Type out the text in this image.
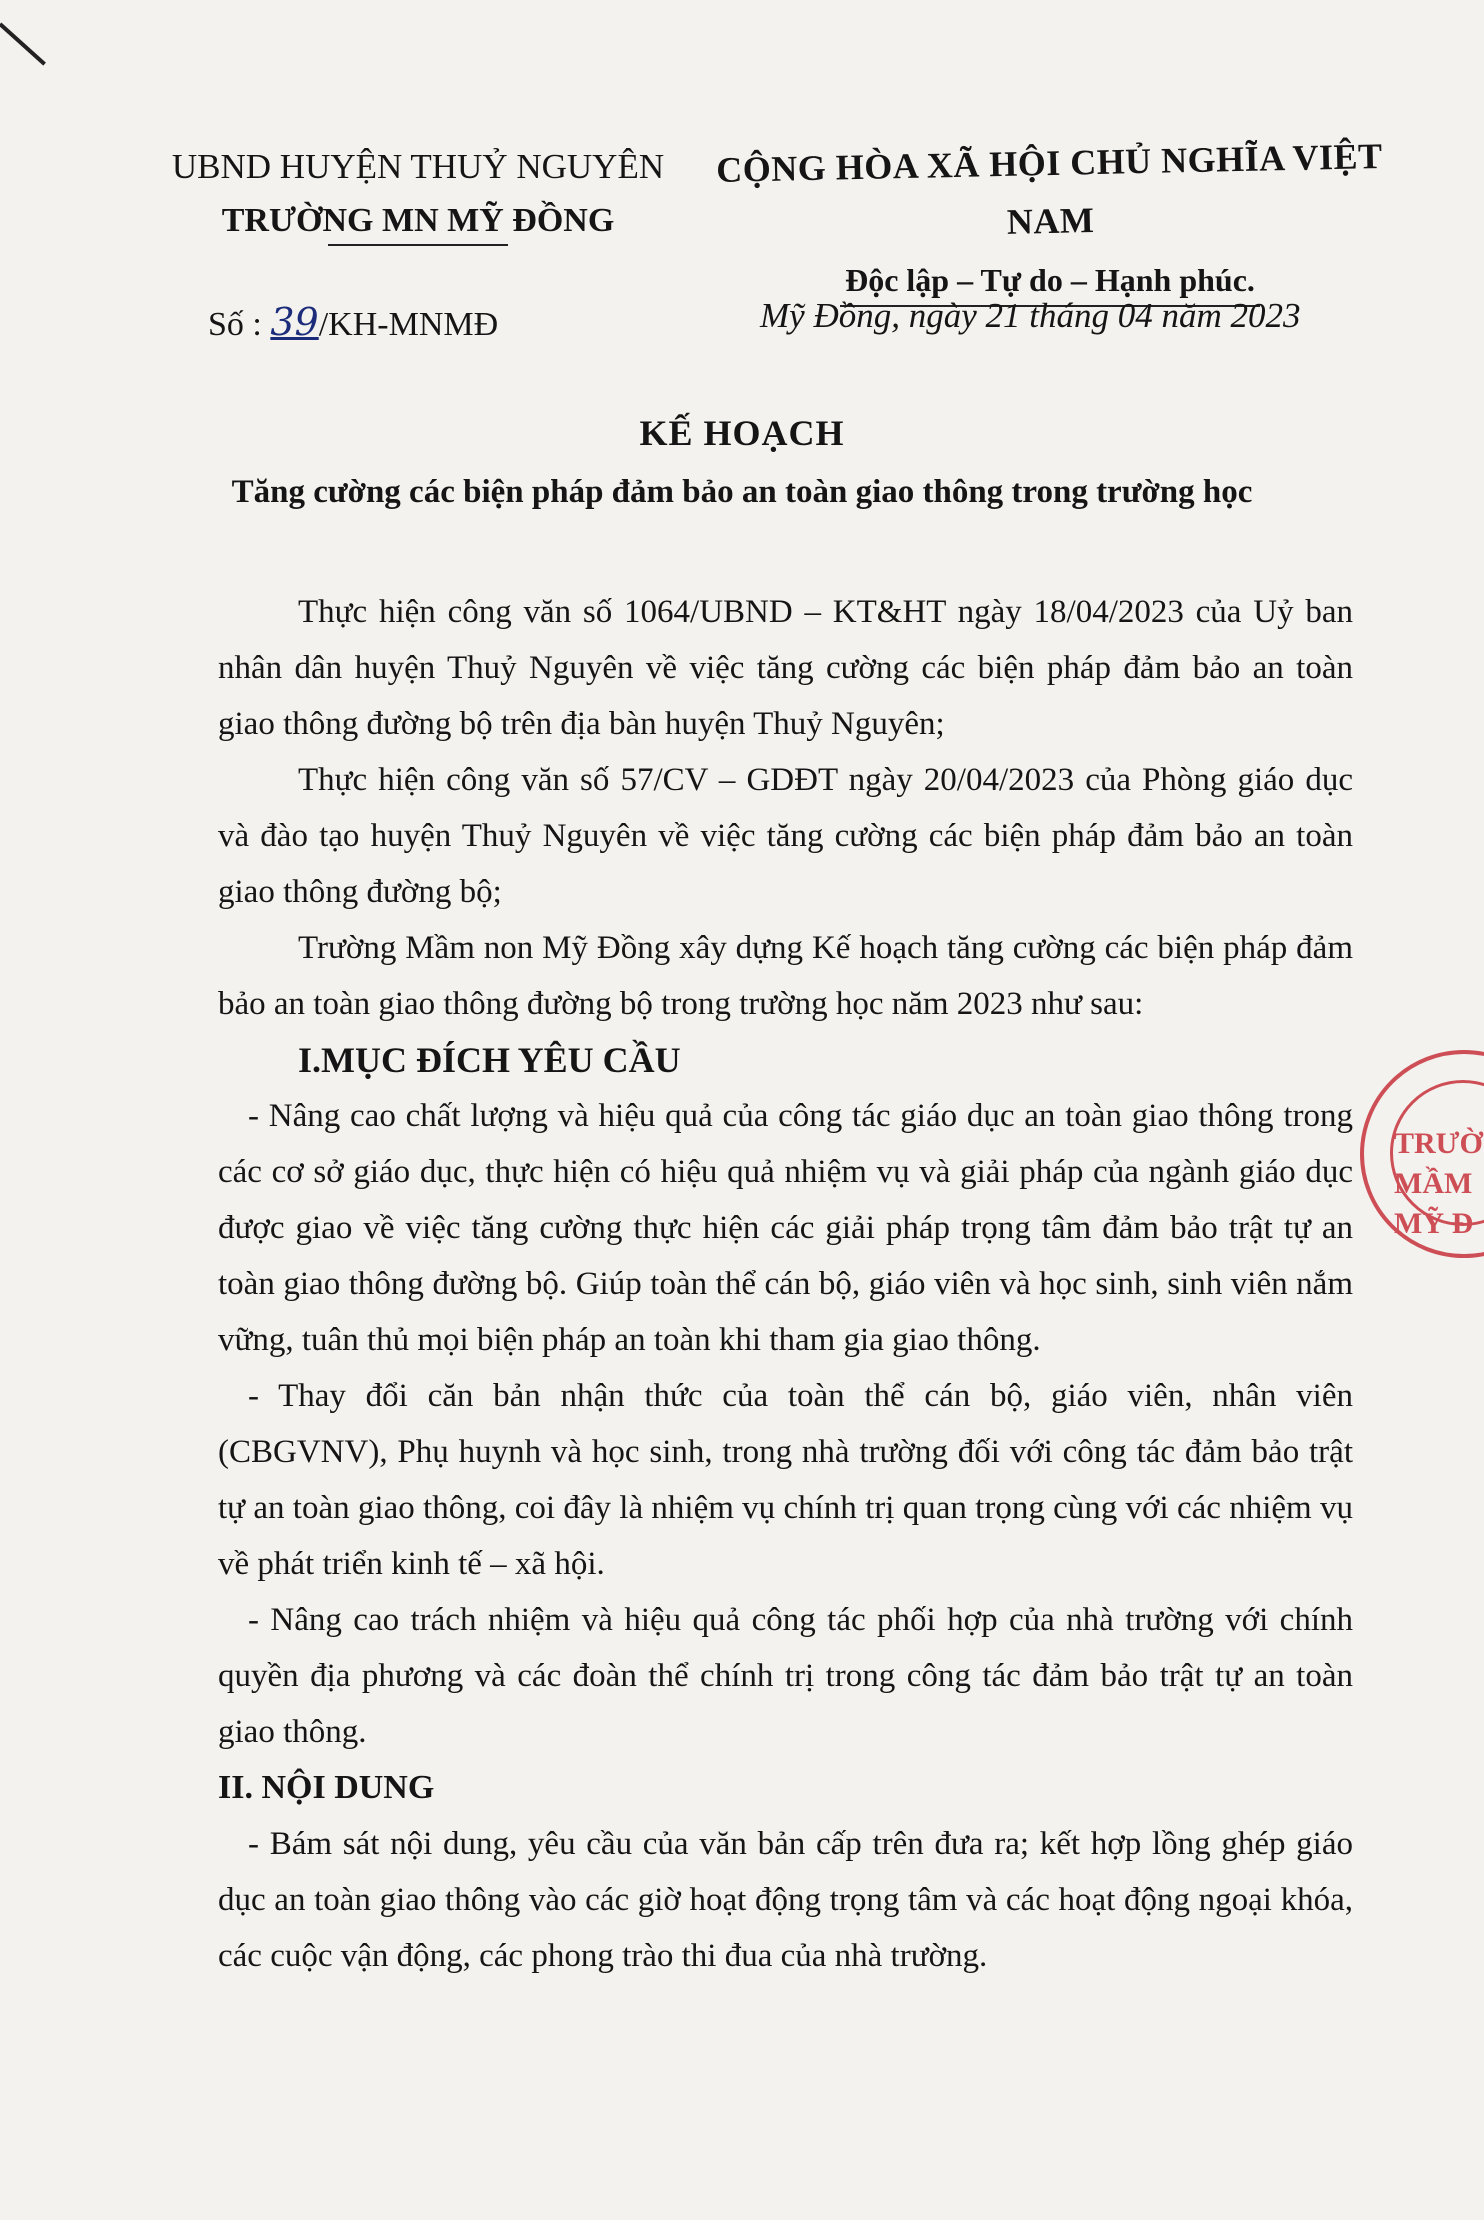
UBND HUYỆN THUỶ NGUYÊN
TRƯỜNG MN MỸ ĐỒNG
CỘNG HÒA XÃ HỘI CHỦ NGHĨA VIỆT NAM Độc lập – Tự do – Hạnh phúc.
Số : 39/KH-MNMĐ	Mỹ Đồng, ngày 21 tháng 04 năm 2023
KẾ HOẠCH
Tăng cường các biện pháp đảm bảo an toàn giao thông trong trường học

Thực hiện công văn số 1064/UBND – KT&HT ngày 18/04/2023 của Uỷ ban nhân dân huyện Thuỷ Nguyên về việc tăng cường các biện pháp đảm bảo an toàn giao thông đường bộ trên địa bàn huyện Thuỷ Nguyên;

Thực hiện công văn số 57/CV – GDĐT ngày 20/04/2023 của Phòng giáo dục và đào tạo huyện Thuỷ Nguyên về việc tăng cường các biện pháp đảm bảo an toàn giao thông đường bộ;

Trường Mầm non Mỹ Đồng xây dựng Kế hoạch tăng cường các biện pháp đảm bảo an toàn giao thông đường bộ trong trường học năm 2023 như sau:

I.MỤC ĐÍCH YÊU CẦU

- Nâng cao chất lượng và hiệu quả của công tác giáo dục an toàn giao thông trong các cơ sở giáo dục, thực hiện có hiệu quả nhiệm vụ và giải pháp của ngành giáo dục được giao về việc tăng cường thực hiện các giải pháp trọng tâm đảm bảo trật tự an toàn giao thông đường bộ. Giúp toàn thể cán bộ, giáo viên và học sinh, sinh viên nắm vững, tuân thủ mọi biện pháp an toàn khi tham gia giao thông.

- Thay đổi căn bản nhận thức của toàn thể cán bộ, giáo viên, nhân viên (CBGVNV), Phụ huynh và học sinh, trong nhà trường đối với công tác đảm bảo trật tự an toàn giao thông, coi đây là nhiệm vụ chính trị quan trọng cùng với các nhiệm vụ về phát triển kinh tế – xã hội.

- Nâng cao trách nhiệm và hiệu quả công tác phối hợp của nhà trường với chính quyền địa phương và các đoàn thể chính trị trong công tác đảm bảo trật tự an toàn giao thông.

II. NỘI DUNG

- Bám sát nội dung, yêu cầu của văn bản cấp trên đưa ra; kết hợp lồng ghép giáo dục an toàn giao thông vào các giờ hoạt động trọng tâm và các hoạt động ngoại khóa, các cuộc vận động, các phong trào thi đua của nhà trường.

TRƯỜ
MẦM
MỸ Đ
